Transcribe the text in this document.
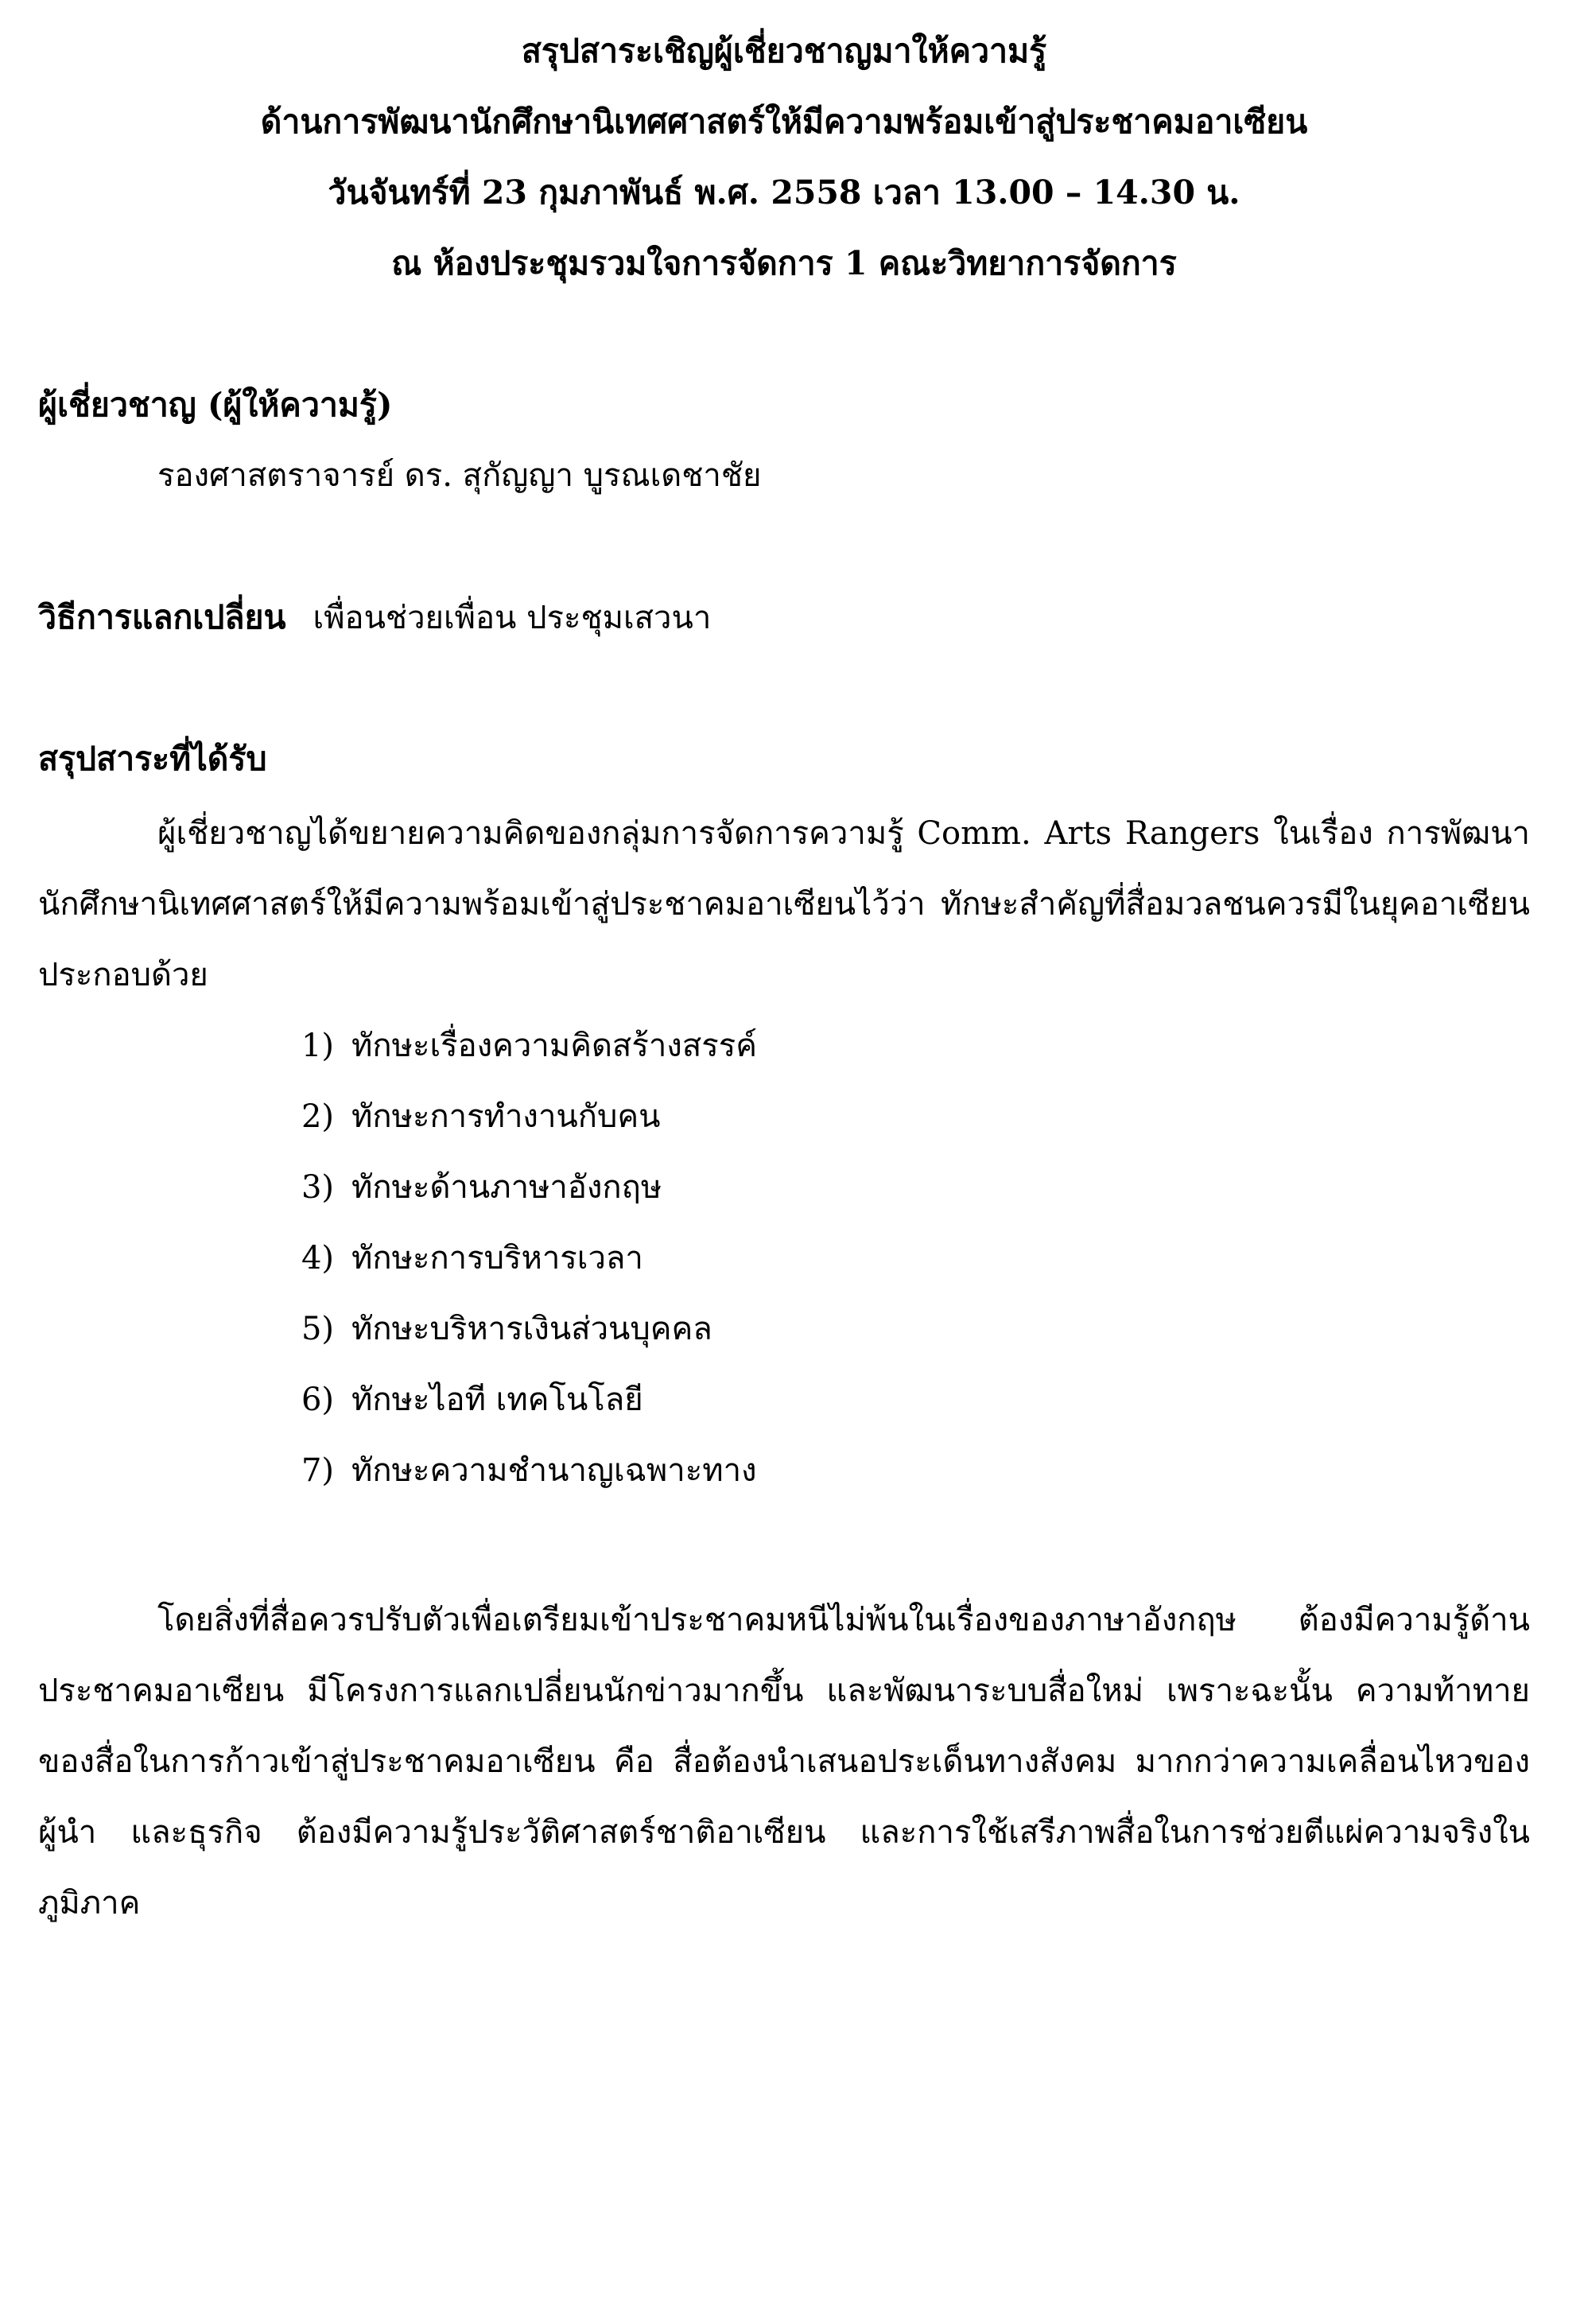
สรุปสาระเชิญผู้เชี่ยวชาญมาให้ความรู้
ด้านการพัฒนานักศึกษานิเทศศาสตร์ให้มีความพร้อมเข้าสู่ประชาคมอาเซียน
วันจันทร์ที่ 23 กุมภาพันธ์ พ.ศ. 2558 เวลา 13.00 – 14.30 น.
ณ ห้องประชุมรวมใจการจัดการ 1 คณะวิทยาการจัดการ
ผู้เชี่ยวชาญ (ผู้ให้ความรู้)
รองศาสตราจารย์ ดร. สุกัญญา บูรณเดชาชัย
วิธีการแลกเปลี่ยน เพื่อนช่วยเพื่อน ประชุมเสวนา
สรุปสาระที่ได้รับ

ผู้เชี่ยวชาญได้ขยายความคิดของกลุ่มการจัดการความรู้ Comm. Arts Rangers ในเรื่อง การพัฒนานักศึกษานิเทศศาสตร์ให้มีความพร้อมเข้าสู่ประชาคมอาเซียนไว้ว่า ทักษะสำคัญที่สื่อมวลชนควรมีในยุคอาเซียน ประกอบด้วย

1) ทักษะเรื่องความคิดสร้างสรรค์
2) ทักษะการทำงานกับคน
3) ทักษะด้านภาษาอังกฤษ
4) ทักษะการบริหารเวลา
5) ทักษะบริหารเงินส่วนบุคคล
6) ทักษะไอที เทคโนโลยี
7) ทักษะความชำนาญเฉพาะทาง

โดยสิ่งที่สื่อควรปรับตัวเพื่อเตรียมเข้าประชาคมหนีไม่พ้นในเรื่องของภาษาอังกฤษ ต้องมีความรู้ด้านประชาคมอาเซียน มีโครงการแลกเปลี่ยนนักข่าวมากขึ้น และพัฒนาระบบสื่อใหม่ เพราะฉะนั้น ความท้าทายของสื่อในการก้าวเข้าสู่ประชาคมอาเซียน คือ สื่อต้องนำเสนอประเด็นทางสังคม มากกว่าความเคลื่อนไหวของผู้นำ และธุรกิจ ต้องมีความรู้ประวัติศาสตร์ชาติอาเซียน และการใช้เสรีภาพสื่อในการช่วยตีแผ่ความจริงในภูมิภาค
